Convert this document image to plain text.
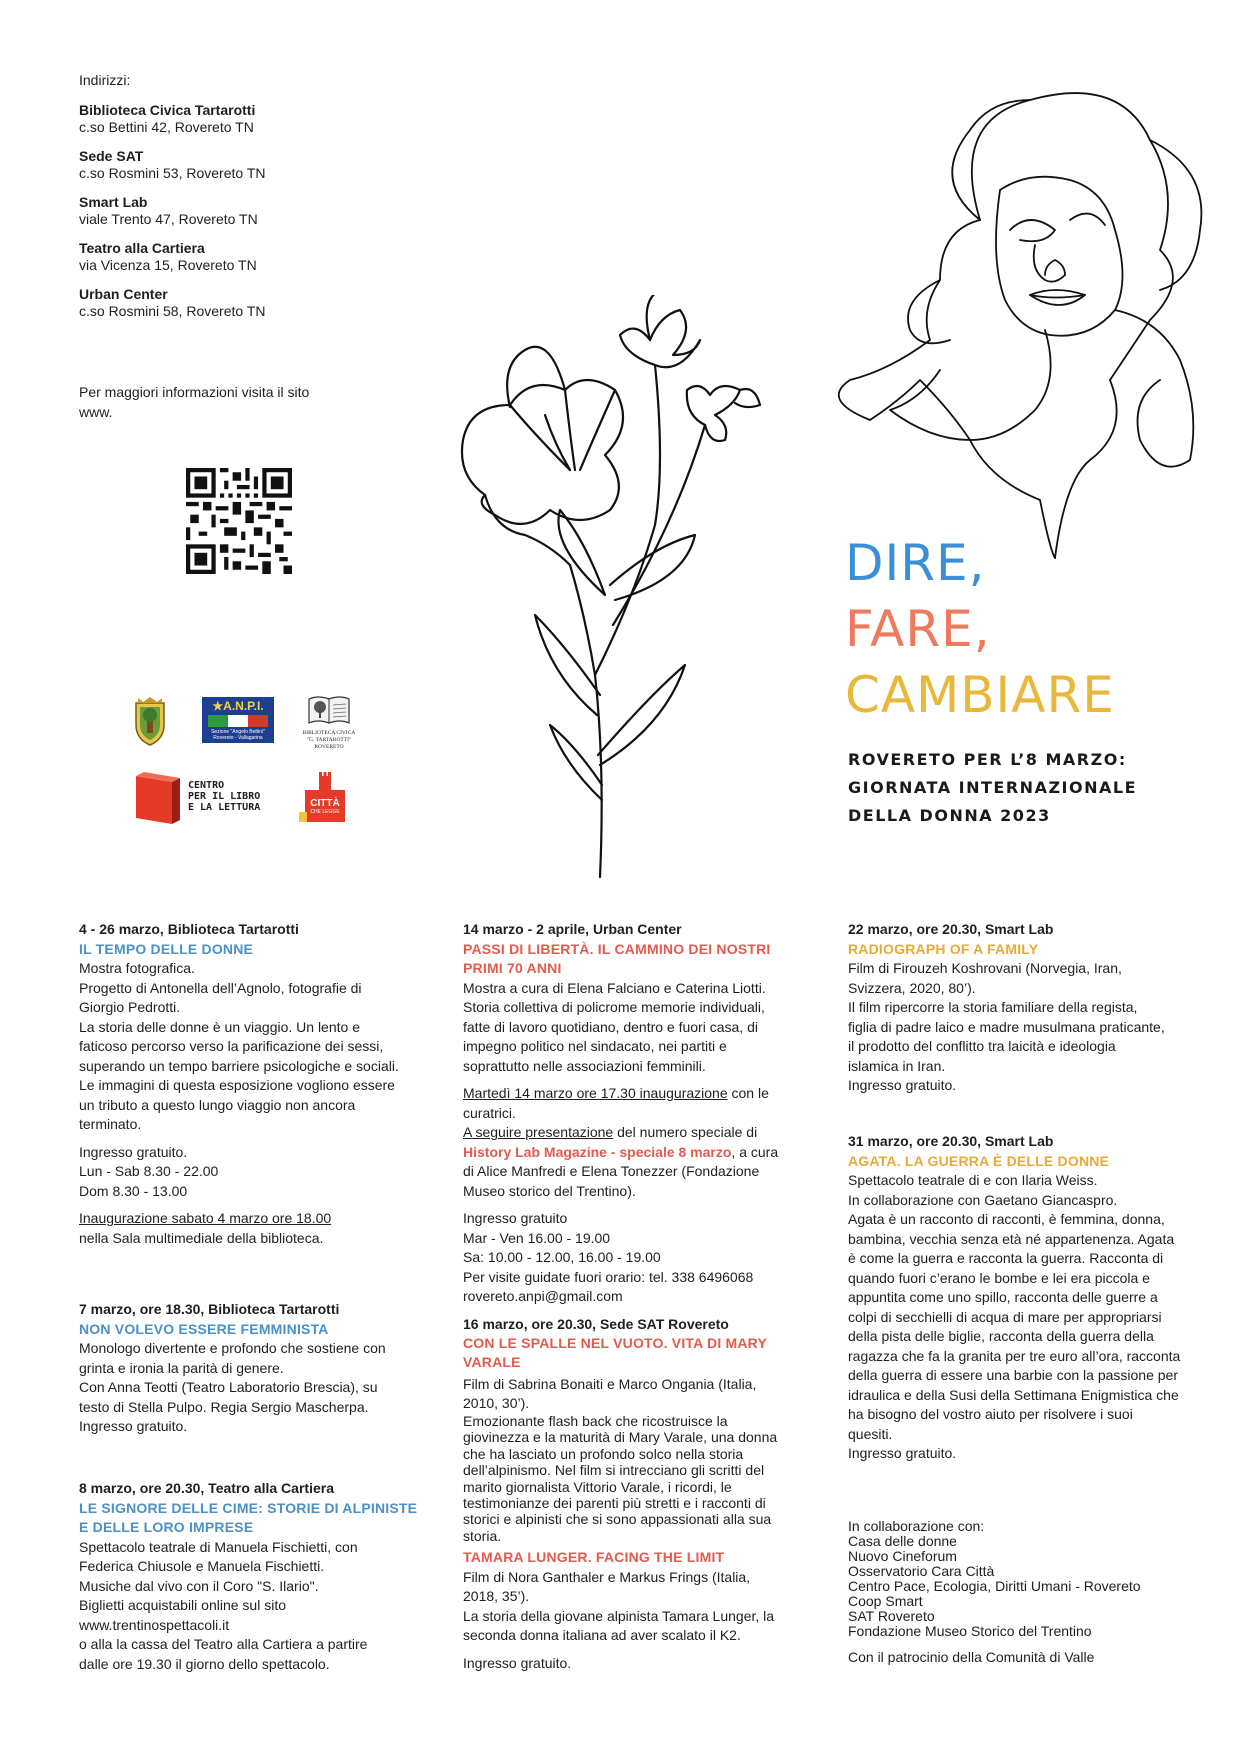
Indirizzi:
Biblioteca Civica Tartarotti
c.so Bettini 42, Rovereto TN
Sede SAT
c.so Rosmini 53, Rovereto TN
Smart Lab
viale Trento 47, Rovereto TN
Teatro alla Cartiera
via Vicenza 15, Rovereto TN
Urban Center
c.so Rosmini 58, Rovereto TN
Per maggiori informazioni visita il sito
www.
★A.N.P.I.
Sezione "Angelo Bettini"
Rovereto - Vallagarina
BIBLIOTECA CIVICA
"G. TARTAROTTI"
ROVERETO
CENTRO
PER IL LIBRO
E LA LETTURA	CITTÀ
CHE LEGGE
DIRE,
FARE,
CAMBIARE
ROVERETO PER L’8 MARZO:
GIORNATA INTERNAZIONALE
DELLA DONNA 2023
4 - 26 marzo, Biblioteca Tartarotti
IL TEMPO DELLE DONNE
Mostra fotografica.
Progetto di Antonella dell’Agnolo, fotografie di
Giorgio Pedrotti.
La storia delle donne è un viaggio. Un lento e
faticoso percorso verso la parificazione dei sessi,
superando un tempo barriere psicologiche e sociali.
Le immagini di questa esposizione vogliono essere
un tributo a questo lungo viaggio non ancora
terminato.
Ingresso gratuito.
Lun - Sab 8.30 - 22.00
Dom 8.30 - 13.00
Inaugurazione sabato 4 marzo ore 18.00
nella Sala multimediale della biblioteca.
7 marzo, ore 18.30, Biblioteca Tartarotti
NON VOLEVO ESSERE FEMMINISTA
Monologo divertente e profondo che sostiene con
grinta e ironia la parità di genere.
Con Anna Teotti (Teatro Laboratorio Brescia), su
testo di Stella Pulpo. Regia Sergio Mascherpa.
Ingresso gratuito.
8 marzo, ore 20.30, Teatro alla Cartiera
LE SIGNORE DELLE CIME: STORIE DI ALPINISTE
E DELLE LORO IMPRESE
Spettacolo teatrale di Manuela Fischietti, con
Federica Chiusole e Manuela Fischietti.
Musiche dal vivo con il Coro "S. Ilario".
Biglietti acquistabili online sul sito
www.trentinospettacoli.it
o alla la cassa del Teatro alla Cartiera a partire
dalle ore 19.30 il giorno dello spettacolo.
14 marzo - 2 aprile, Urban Center
PASSI DI LIBERTÀ. IL CAMMINO DEI NOSTRI
PRIMI 70 ANNI
Mostra a cura di Elena Falciano e Caterina Liotti.
Storia collettiva di policrome memorie individuali,
fatte di lavoro quotidiano, dentro e fuori casa, di
impegno politico nel sindacato, nei partiti e
soprattutto nelle associazioni femminili.
Martedì 14 marzo ore 17.30 inaugurazione con le
curatrici.
A seguire presentazione del numero speciale di
History Lab Magazine - speciale 8 marzo, a cura
di Alice Manfredi e Elena Tonezzer (Fondazione
Museo storico del Trentino).
Ingresso gratuito
Mar - Ven 16.00 - 19.00
Sa: 10.00 - 12.00, 16.00 - 19.00
Per visite guidate fuori orario: tel. 338 6496068
rovereto.anpi@gmail.com
16 marzo, ore 20.30, Sede SAT Rovereto
CON LE SPALLE NEL VUOTO. VITA DI MARY
VARALE
Film di Sabrina Bonaiti e Marco Ongania (Italia,
2010, 30’).
Emozionante flash back che ricostruisce la
giovinezza e la maturità di Mary Varale, una donna
che ha lasciato un profondo solco nella storia
dell’alpinismo. Nel film si intrecciano gli scritti del
marito giornalista Vittorio Varale, i ricordi, le
testimonianze dei parenti più stretti e i racconti di
storici e alpinisti che si sono appassionati alla sua
storia.
TAMARA LUNGER. FACING THE LIMIT
Film di Nora Ganthaler e Markus Frings (Italia,
2018, 35’).
La storia della giovane alpinista Tamara Lunger, la
seconda donna italiana ad aver scalato il K2.
Ingresso gratuito.
22 marzo, ore 20.30, Smart Lab
RADIOGRAPH OF A FAMILY
Film di Firouzeh Koshrovani (Norvegia, Iran,
Svizzera, 2020, 80’).
Il film ripercorre la storia familiare della regista,
figlia di padre laico e madre musulmana praticante,
il prodotto del conflitto tra laicità e ideologia
islamica in Iran.
Ingresso gratuito.
31 marzo, ore 20.30, Smart Lab
AGATA. LA GUERRA È DELLE DONNE
Spettacolo teatrale di e con Ilaria Weiss.
In collaborazione con Gaetano Giancaspro.
Agata è un racconto di racconti, è femmina, donna,
bambina, vecchia senza età né appartenenza. Agata
è come la guerra e racconta la guerra. Racconta di
quando fuori c’erano le bombe e lei era piccola e
appuntita come uno spillo, racconta delle guerre a
colpi di secchielli di acqua di mare per appropriarsi
della pista delle biglie, racconta della guerra della
ragazza che fa la granita per tre euro all’ora, racconta
della guerra di essere una barbie con la passione per
idraulica e della Susi della Settimana Enigmistica che
ha bisogno del vostro aiuto per risolvere i suoi
quesiti.
Ingresso gratuito.
In collaborazione con:
Casa delle donne
Nuovo Cineforum
Osservatorio Cara Città
Centro Pace, Ecologia, Diritti Umani - Rovereto
Coop Smart
SAT Rovereto
Fondazione Museo Storico del Trentino
Con il patrocinio della Comunità di Valle
